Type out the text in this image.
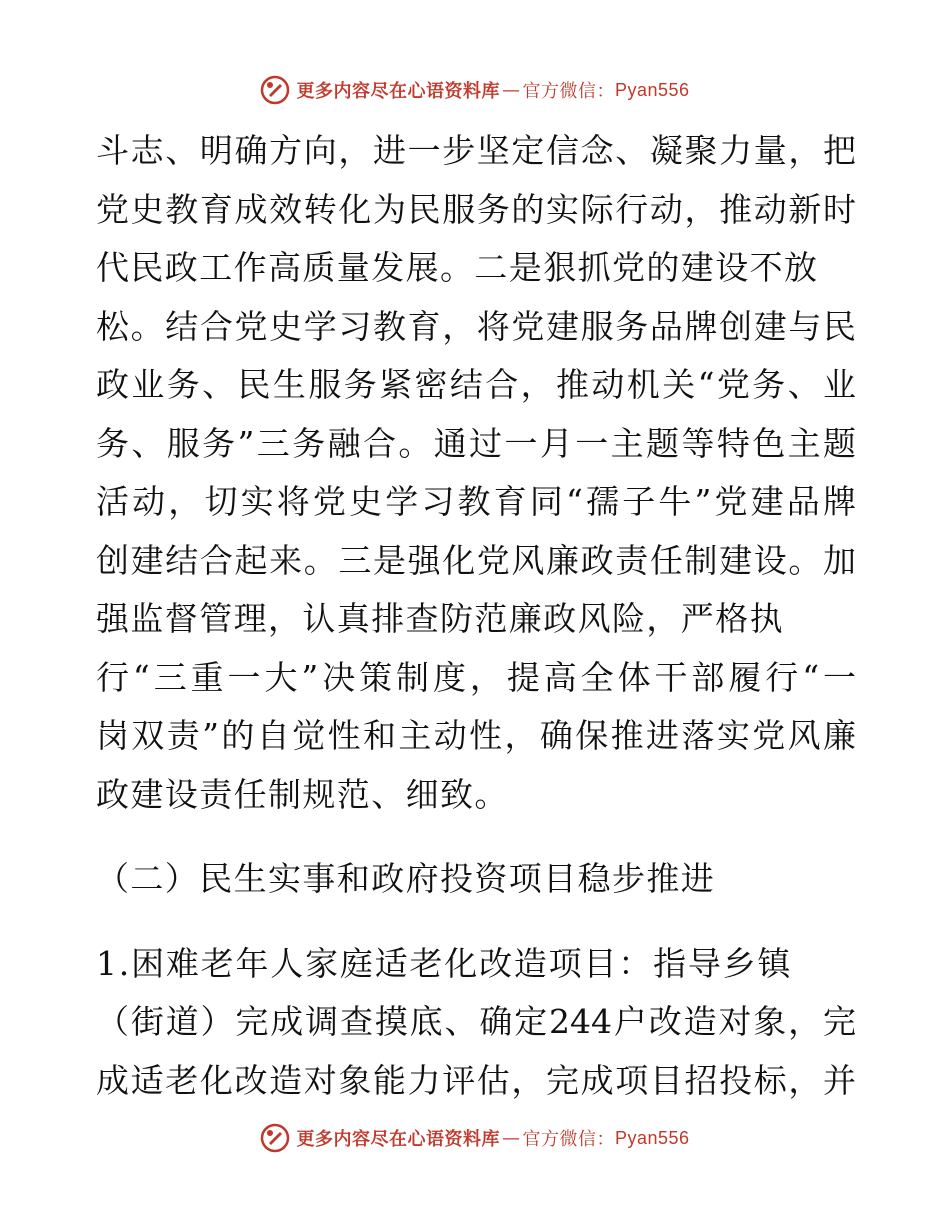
更多内容尽在心语资料库 — 官方微信： Pyan556
斗志、明确方向，进一步坚定信念、凝聚力量，把
党史教育成效转化为民服务的实际行动，推动新时
代民政工作高质量发展。二是狠抓党的建设不放
松。结合党史学习教育，将党建服务品牌创建与民
政业务、民生服务紧密结合，推动机关“党务、业
务、服务”三务融合。通过一月一主题等特色主题
活动，切实将党史学习教育同“孺子牛”党建品牌
创建结合起来。三是强化党风廉政责任制建设。加
强监督管理，认真排查防范廉政风险，严格执
行“三重一大”决策制度，提高全体干部履行“一
岗双责”的自觉性和主动性，确保推进落实党风廉
政建设责任制规范、细致。
（二）民生实事和政府投资项目稳步推进
1.困难老年人家庭适老化改造项目：指导乡镇
（街道）完成调查摸底、确定244户改造对象，完
成适老化改造对象能力评估，完成项目招投标，并
更多内容尽在心语资料库 — 官方微信： Pyan556
